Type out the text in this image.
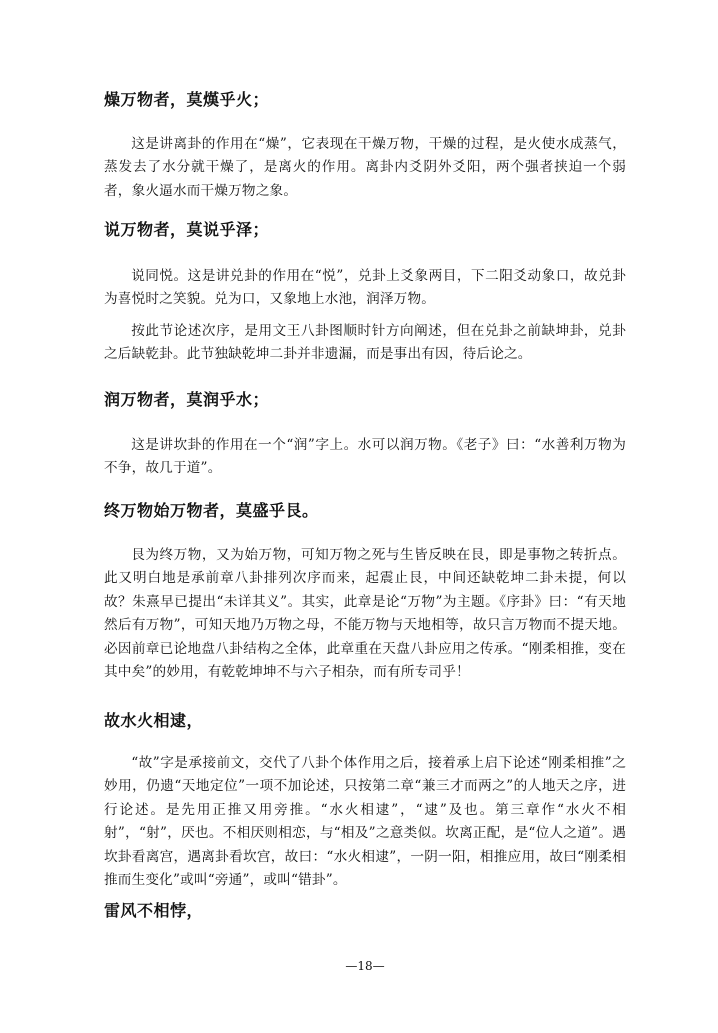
燥万物者，莫熯乎火；
这是讲离卦的作用在“燥”，它表现在干燥万物，干燥的过程，是火使水成蒸气，蒸发去了水分就干燥了，是离火的作用。离卦内爻阴外爻阳，两个强者挟迫一个弱者，象火逼水而干燥万物之象。
说万物者，莫说乎泽；
说同悦。这是讲兑卦的作用在“悦”，兑卦上爻象两目，下二阳爻动象口，故兑卦为喜悦时之笑貌。兑为口，又象地上水池，润泽万物。
按此节论述次序，是用文王八卦图顺时针方向阐述，但在兑卦之前缺坤卦，兑卦之后缺乾卦。此节独缺乾坤二卦并非遗漏，而是事出有因，待后论之。
润万物者，莫润乎水；
这是讲坎卦的作用在一个“润”字上。水可以润万物。《老子》曰：“水善利万物为不争，故几于道”。
终万物始万物者，莫盛乎艮。
艮为终万物，又为始万物，可知万物之死与生皆反映在艮，即是事物之转折点。此又明白地是承前章八卦排列次序而来，起震止艮，中间还缺乾坤二卦未提，何以故？朱熹早已提出“未详其义”。其实，此章是论“万物”为主题。《序卦》曰：“有天地然后有万物”，可知天地乃万物之母，不能万物与天地相等，故只言万物而不提天地。必因前章已论地盘八卦结构之全体，此章重在天盘八卦应用之传承。“刚柔相推，变在其中矣”的妙用，有乾乾坤坤不与六子相杂，而有所专司乎！
故水火相逮，
“故”字是承接前文，交代了八卦个体作用之后，接着承上启下论述“刚柔相推”之妙用，仍遗“天地定位”一项不加论述，只按第二章“兼三才而两之”的人地天之序，进行论述。是先用正推又用旁推。“水火相逮”，“逮”及也。第三章作“水火不相射”，“射”，厌也。不相厌则相恋，与“相及”之意类似。坎离正配，是“位人之道”。遇坎卦看离宫，遇离卦看坎宫，故曰：“水火相逮”，一阴一阳，相推应用，故曰“刚柔相推而生变化”或叫“旁通”，或叫“错卦”。
雷风不相悖，
—18—
